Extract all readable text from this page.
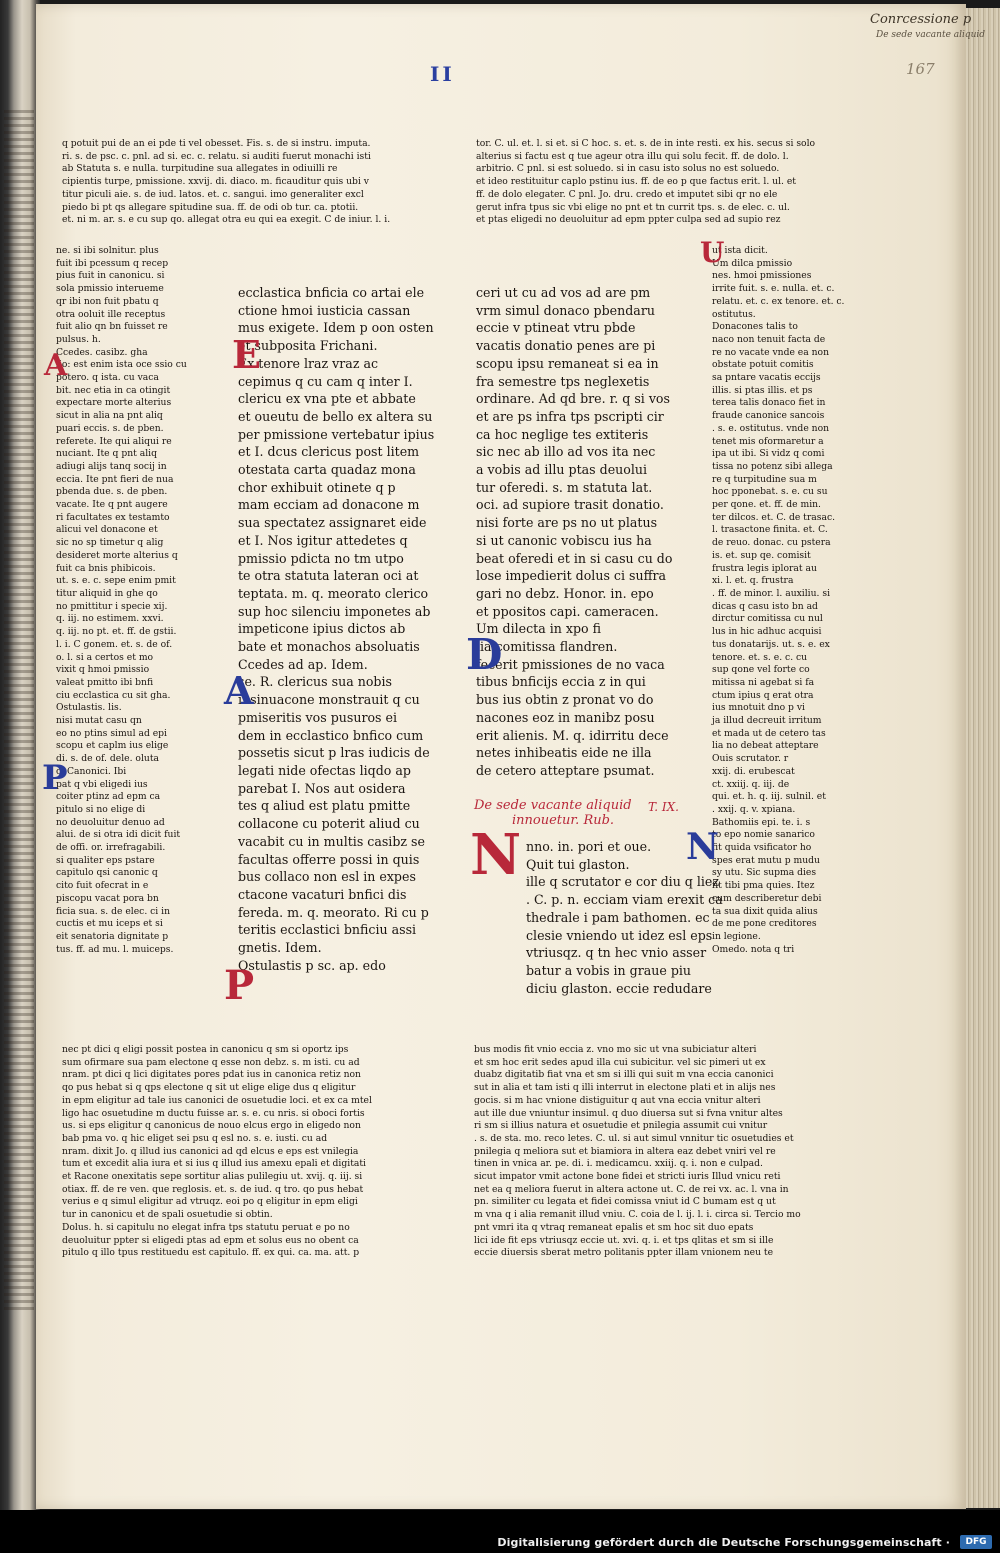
Conrcessione p
De sede vacante aliquid
167
II

q potuit pui de an ei pde ti vel obesset. Fis. s. de si instru. imputa.

ri. s. de psc. c. pnl. ad si. ec. c. relatu. si auditi fuerut monachi isti

ab Statuta s. e nulla. turpitudine sua allegates in odiuilli re

cipientis turpe, pmissione. xxvij. di. diaco. m. ficauditur quis ubi v

titur piculi aie. s. de iud. latos. et. c. sangui. imo generaliter excl

piedo bi pt qs allegare spitudine sua. ff. de odi ob tur. ca. ptotii.

et. ni m. ar. s. e cu sup qo. allegat otra eu qui ea exegit. C de iniur. l. i.

tor. C. ul. et. l. si et. si C hoc. s. et. s. de in inte resti. ex his. secus si solo

alterius si factu est q tue ageur otra illu qui solu fecit. ff. de dolo. l.

arbitrio. C pnl. si est soluedo. si in casu isto solus no est soluedo.

et ideo restituitur caplo pstinu ius. ff. de eo p que factus erit. l. ul. et

ff. de dolo elegater. C pnl. Jo. dru. credo et imputet sibi qr no ele

gerut infra tpus sic vbi elige no pnt et tn currit tps. s. de elec. c. ul.

et ptas eligedi no deuoluitur ad epm ppter culpa sed ad supio rez

ne. si ibi solnitur. plus

fuit ibi pcessum q recep

pius fuit in canonicu. si

sola pmissio interueme

qr ibi non fuit pbatu q

otra ooluit ille receptus

fuit alio qn bn fuisset re

pulsus. h.

Ccedes. casibz. gha

lio: est enim ista oce ssio cu

potero. q ista. cu vaca

bit. nec etia in ca otingit

expectare morte alterius

sicut in alia na pnt aliq

puari eccis. s. de pben.

referete. Ite qui aliqui re

nuciant. Ite q pnt aliq

adiugi alijs tanq socij in

eccia. Ite pnt fieri de nua

pbenda due. s. de pben.

vacate. Ite q pnt augere

ri facultates ex testamto

alicui vel donacone et

sic no sp timetur q alig

desideret morte alterius q

fuit ca bnis phibicois.

ut. s. e. c. sepe enim pmit

titur aliquid in ghe qo

no pmittitur i specie xij.

q. iij. no estimem. xxvi.

q. iij. no pt. et. ff. de gstii.

l. i. C gonem. et. s. de of.

o. l. si a certos et mo

vixit q hmoi pmissio

valeat pmitto ibi bnfi

ciu ecclastica cu sit gha.

Ostulastis. lis.

nisi mutat casu qn

eo no ptins simul ad epi

scopu et caplm ius elige

di. s. de of. dele. oluta

c. Canonici. Ibi

pat q vbi eligedi ius

coiter ptinz ad epm ca

pitulo si no elige di

no deuoluitur denuo ad

alui. de si otra idi dicit fuit

de offi. or. irrefragabili.

si qualiter eps pstare

capitulo qsi canonic q

cito fuit ofecrat in e

piscopu vacat pora bn

ficia sua. s. de elec. ci in

cuctis et mu iceps et si

eit senatoria dignitate p

tus. ff. ad mu. l. muiceps.

A
P

ecclastica bnficia co artai ele

ctione hmoi iusticia cassan

mus exigete. Idem p oon osten

et subposita Frichani.

Ex tenore lraz vraz ac

cepimus q cu cam q inter I.

clericu ex vna pte et abbate

et oueutu de bello ex altera su

per pmissione vertebatur ipius

et I. dcus clericus post litem

otestata carta quadaz mona

chor exhibuit otinete q p

mam ecciam ad donacone m

sua spectatez assignaret eide

et I. Nos igitur attedetes q

pmissio pdicta no tm utpo

te otra statuta lateran oci at

teptata. m. q. meorato clerico

sup hoc silenciu imponetes ab

impeticone ipius dictos ab

bate et monachos absoluatis

Ccedes ad ap. Idem.

se. R. clericus sua nobis

insinuacone monstrauit q cu

pmiseritis vos pusuros ei

dem in ecclastico bnfico cum

possetis sicut p lras iudicis de

legati nide ofectas liqdo ap

parebat I. Nos aut osidera

tes q aliud est platu pmitte

collacone cu poterit aliud cu

vacabit cu in multis casibz se

facultas offerre possi in quis

bus collaco non esl in expes

ctacone vacaturi bnfici dis

fereda. m. q. meorato. Ri cu p

teritis ecclastici bnficiu assi

gnetis. Idem.

Ostulastis p sc. ap. edo

E
A
P

ceri ut cu ad vos ad are pm

vrm simul donaco pbendaru

eccie v ptineat vtru pbde

vacatis donatio penes are pi

scopu ipsu remaneat si ea in

fra semestre tps neglexetis

ordinare. Ad qd bre. r. q si vos

et are ps infra tps pscripti cir

ca hoc neglige tes extiteris

sic nec ab illo ad vos ita nec

a vobis ad illu ptas deuolui

tur oferedi. s. m statuta lat.

oci. ad supiore trasit donatio.

nisi forte are ps no ut platus

si ut canonic vobiscu ius ha

beat oferedi et in si casu cu do

lose impedierit dolus ci suffra

gari no debz. Honor. in. epo

et ppositos capi. cameracen.

Um dilecta in xpo fi

lia comitissa flandren.

fecerit pmissiones de no vaca

tibus bnficijs eccia z in qui

bus ius obtin z pronat vo do

nacones eoz in manibz posu

erit alienis. M. q. idirritu dece

netes inhibeatis eide ne illa

de cetero atteptare psumat.

D
De sede vacante aliquid
innouetur. Rub.
T. IX.

nno. in. pori et oue.

Quit tui glaston.

ille q scrutator e cor diu q liez

. C. p. n. ecciam viam erexit ca

thedrale i pam bathomen. ec

clesie vniendo ut idez esl eps

vtriusqz. q tn hec vnio asser

batur a vobis in graue piu

diciu glaston. eccie redudare

N

ut ista dicit.

Um dilca pmissio

nes. hmoi pmissiones

irrite fuit. s. e. nulla. et. c.

relatu. et. c. ex tenore. et. c.

ostitutus.

Donacones talis to

naco non tenuit facta de

re no vacate vnde ea non

obstate potuit comitis

sa pntare vacatis eccijs

illis. si ptas illis. et ps

terea talis donaco fiet in

fraude canonice sancois

. s. e. ostitutus. vnde non

tenet mis oformaretur a

ipa ut ibi. Si vidz q comi

tissa no potenz sibi allega

re q turpitudine sua m

hoc pponebat. s. e. cu su

per qone. et. ff. de min.

ter dilcos. et. C. de trasac.

l. trasactone finita. et. C.

de reuo. donac. cu pstera

is. et. sup qe. comisit

frustra legis iplorat au

xi. l. et. q. frustra

. ff. de minor. l. auxiliu. si

dicas q casu isto bn ad

dirctur comitissa cu nul

lus in hic adhuc acquisi

tus donatarijs. ut. s. e. ex

tenore. et. s. e. c. cu

sup qone vel forte co

mitissa ni agebat si fa

ctum ipius q erat otra

ius mnotuit dno p vi

ja illud decreuit irritum

et mada ut de cetero tas

lia no debeat atteptare

Ouis scrutator. r

xxij. di. erubescat

ct. xxiij. q. iij. de

qui. et. h. q. iij. sulnil. et

. xxij. q. v. xpiana.

Bathomiis epi. te. i. s

to epo nomie sanarico

fit quida vsificator ho

spes erat mutu p mudu

sy utu. Sic supma dies

fit tibi pma quies. Itez

cum describeretur debi

ta sua dixit quida alius

de me pone creditores

in legione.

Omedo. nota q tri

U
N

nec pt dici q eligi possit postea in canonicu q sm si oportz ips

sum ofirmare sua pam electone q esse non debz. s. m isti. cu ad

nram. pt dici q lici digitates pores pdat ius in canonica retiz non

qo pus hebat si q qps electone q sit ut elige elige dus q eligitur

in epm eligitur ad tale ius canonici de osuetudie loci. et ex ca mtel

ligo hac osuetudine m ductu fuisse ar. s. e. cu nris. si oboci fortis

us. si eps eligitur q canonicus de nouo elcus ergo in eligedo non

bab pma vo. q hic eliget sei psu q esl no. s. e. iusti. cu ad

nram. dixit Jo. q illud ius canonici ad qd elcus e eps est vnilegia

tum et excedit alia iura et si ius q illud ius amexu epali et digitati

et Racone onexitatis sepe sortitur alias pulilegiu ut. xvij. q. iij. si

otiax. ff. de re ven. que reglosis. et. s. de iud. q tro. qo pus hebat

verius e q simul eligitur ad vtruqz. eoi po q eligitur in epm eligi

tur in canonicu et de spali osuetudie si obtin.

Dolus. h. si capitulu no elegat infra tps statutu peruat e po no

deuoluitur ppter si eligedi ptas ad epm et solus eus no obent ca

pitulo q illo tpus restituedu est capitulo. ff. ex qui. ca. ma. att. p

bus modis fit vnio eccia z. vno mo sic ut vna subiciatur alteri

et sm hoc erit sedes apud illa cui subicitur. vel sic pimeri ut ex

duabz digitatib fiat vna et sm si illi qui suit m vna eccia canonici

sut in alia et tam isti q illi interrut in electone plati et in alijs nes

gocis. si m hac vnione distiguitur q aut vna eccia vnitur alteri

aut ille due vniuntur insimul. q duo diuersa sut si fvna vnitur altes

ri sm si illius natura et osuetudie et pnilegia assumit cui vnitur

. s. de sta. mo. reco letes. C. ul. si aut simul vnnitur tic osuetudies et

pnilegia q meliora sut et biamiora in altera eaz debet vniri vel re

tinen in vnica ar. pe. di. i. medicamcu. xxiij. q. i. non e culpad.

sicut impator vmit actone bone fidei et stricti iuris Illud vnicu reti

net ea q meliora fuerut in altera actone ut. C. de rei vx. ac. l. vna in

pn. similiter cu legata et fidei comissa vniut id C bumam est q ut

m vna q i alia remanit illud vniu. C. coia de l. ij. l. i. circa si. Tercio mo

pnt vmri ita q vtraq remaneat epalis et sm hoc sit duo epats

lici ide fit eps vtriusqz eccie ut. xvi. q. i. et tps qlitas et sm si ille

eccie diuersis sberat metro politanis ppter illam vnionem neu te

Digitalisierung gefördert durch die Deutsche Forschungsgemeinschaft ·	DFG
